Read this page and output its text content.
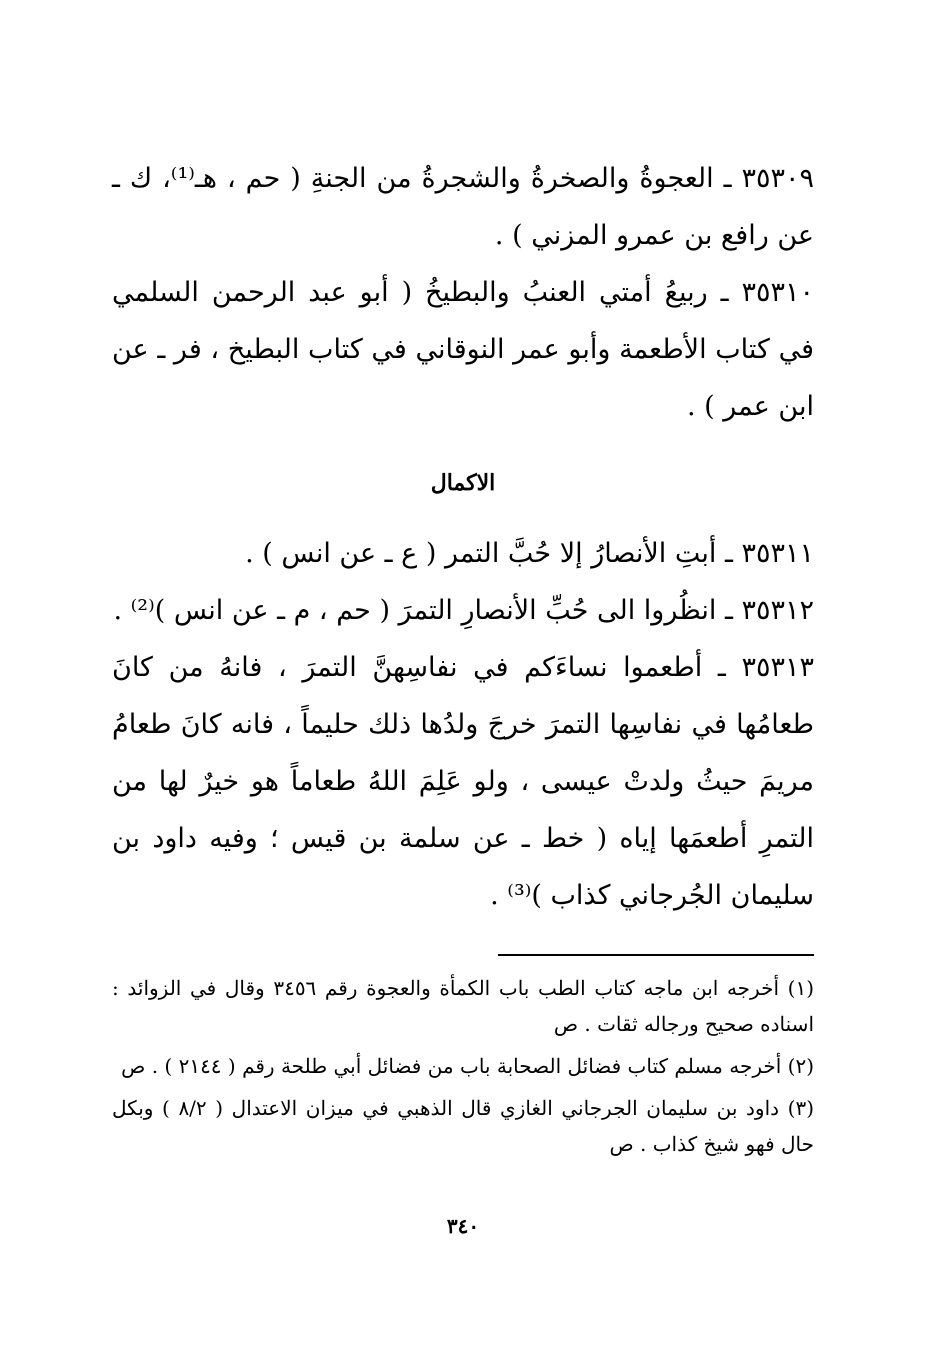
٣٥٣٠٩ ـ العجوةُ والصخرةُ والشجرةُ من الجنةِ ( حم ، هـ⁽¹⁾، ك ـ عن رافع بن عمرو المزني ) .

٣٥٣١٠ ـ ربيعُ أمتي العنبُ والبطيخُ ( أبو عبد الرحمن السلمي في كتاب الأطعمة وأبو عمر النوقاني في كتاب البطيخ ، فر ـ عن ابن عمر ) .

الاكمال

٣٥٣١١ ـ أبتِ الأنصارُ إلا حُبَّ التمر ( ع ـ عن انس ) .

٣٥٣١٢ ـ انظُروا الى حُبِّ الأنصارِ التمرَ ( حم ، م ـ عن انس )⁽²⁾ .

٣٥٣١٣ ـ أطعموا نساءَكم في نفاسِهنَّ التمرَ ، فانهُ من كانَ طعامُها في نفاسِها التمرَ خرجَ ولدُها ذلك حليماً ، فانه كانَ طعامُ مريمَ حيثُ ولدتْ عيسى ، ولو عَلِمَ اللهُ طعاماً هو خيرٌ لها من التمرِ أطعمَها إياه ( خط ـ عن سلمة بن قيس ؛ وفيه داود بن سليمان الجُرجاني كذاب )⁽³⁾ .

(١) أخرجه ابن ماجه كتاب الطب باب الكمأة والعجوة رقم ٣٤٥٦ وقال في الزوائد : اسناده صحيح ورجاله ثقات . ص

(٢) أخرجه مسلم كتاب فضائل الصحابة باب من فضائل أبي طلحة رقم ( ٢١٤٤ ) . ص

(٣) داود بن سليمان الجرجاني الغازي قال الذهبي في ميزان الاعتدال ( ٨/٢ ) وبكل حال فهو شيخ كذاب . ص

٣٤٠
